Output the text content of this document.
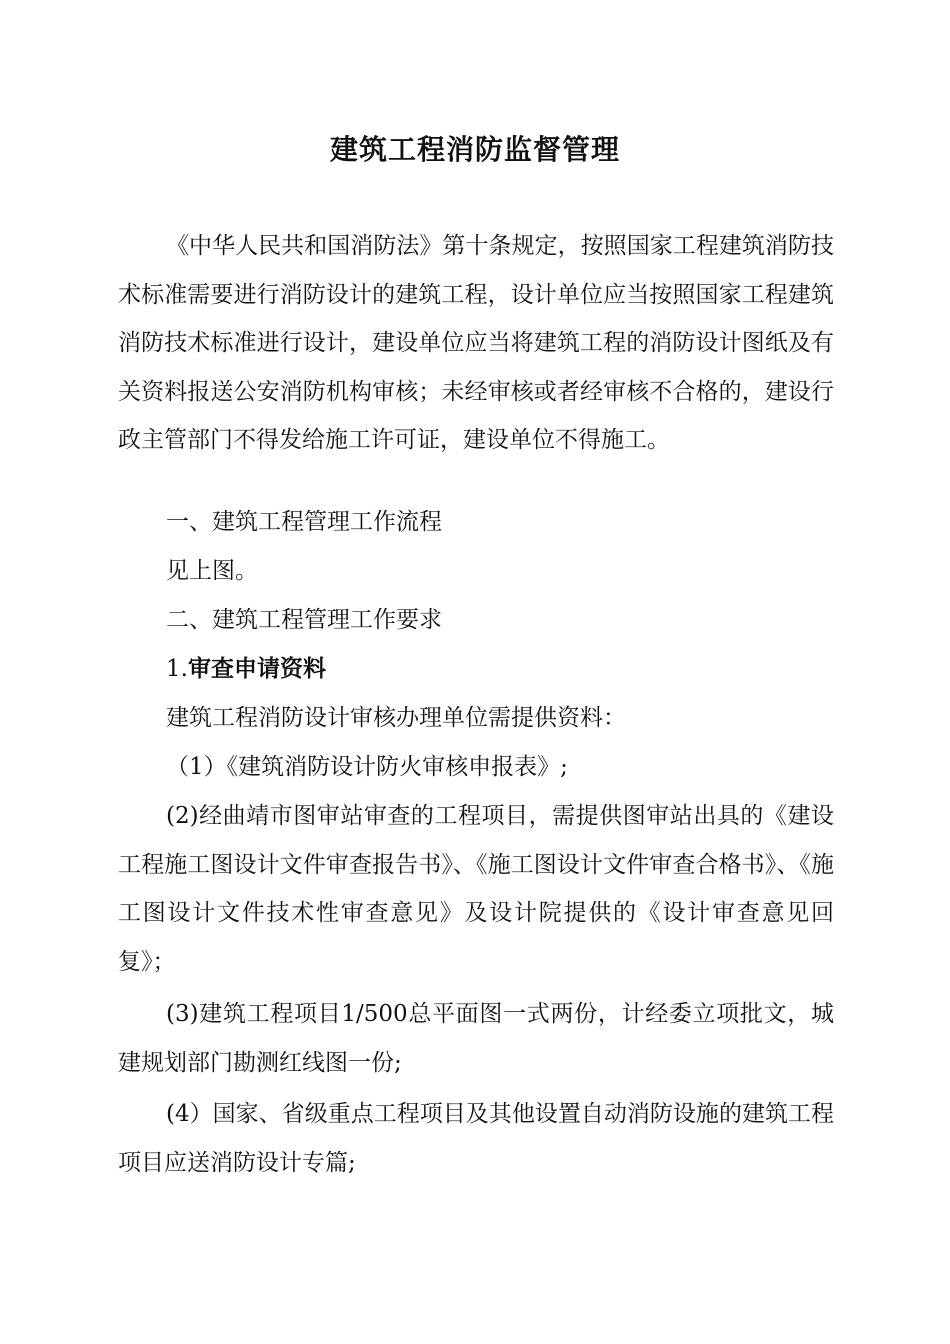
建筑工程消防监督管理

《中华人民共和国消防法》第十条规定，按照国家工程建筑消防技术标准需要进行消防设计的建筑工程，设计单位应当按照国家工程建筑消防技术标准进行设计，建设单位应当将建筑工程的消防设计图纸及有关资料报送公安消防机构审核；未经审核或者经审核不合格的，建设行政主管部门不得发给施工许可证，建设单位不得施工。

一、建筑工程管理工作流程

见上图。

二、建筑工程管理工作要求

1.审查申请资料

建筑工程消防设计审核办理单位需提供资料：

（1）《建筑消防设计防火审核申报表》;

(2)经曲靖市图审站审查的工程项目，需提供图审站出具的《建设工程施工图设计文件审查报告书》、《施工图设计文件审查合格书》、《施工图设计文件技术性审查意见》及设计院提供的《设计审查意见回复》；

(3)建筑工程项目1/500总平面图一式两份，计经委立项批文，城建规划部门勘测红线图一份;

(4）国家、省级重点工程项目及其他设置自动消防设施的建筑工程项目应送消防设计专篇;
